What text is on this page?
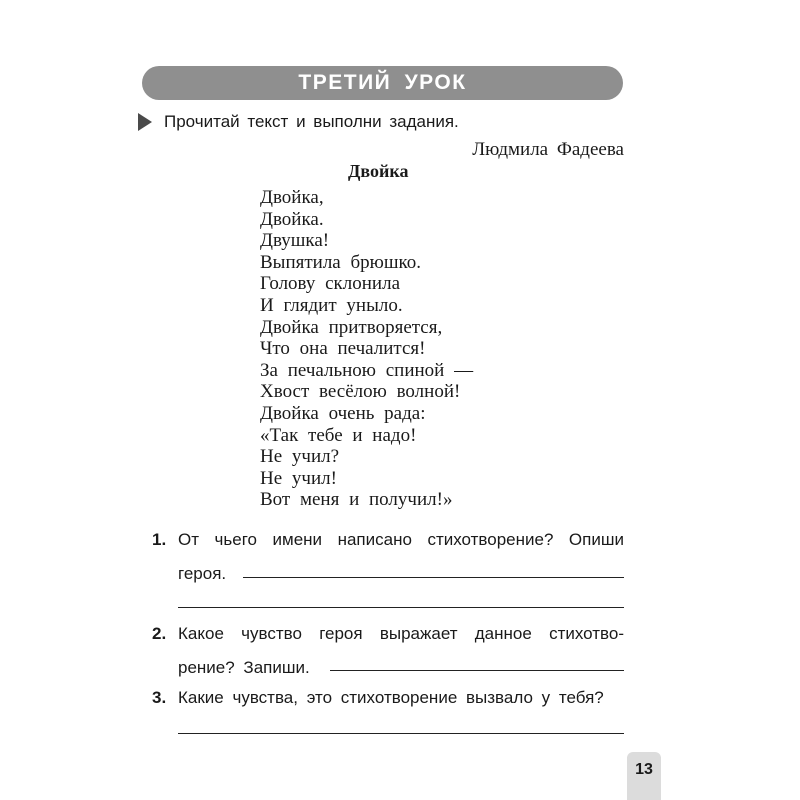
ТРЕТИЙ УРОК
Прочитай текст и выполни задания.
Людмила Фадеева
Двойка
Двойка,
Двойка.
Двушка!
Выпятила брюшко.
Голову склонила
И глядит уныло.
Двойка притворяется,
Что она печалится!
За печальною спиной —
Хвост весёлою волной!
Двойка очень рада:
«Так тебе и надо!
Не учил?
Не учил!
Вот меня и получил!»
1. От чьего имени написано стихотворение? Опиши
героя.
2. Какое чувство героя выражает данное стихотво-
рение? Запиши.
3. Какие чувства, это стихотворение вызвало у тебя?
13
